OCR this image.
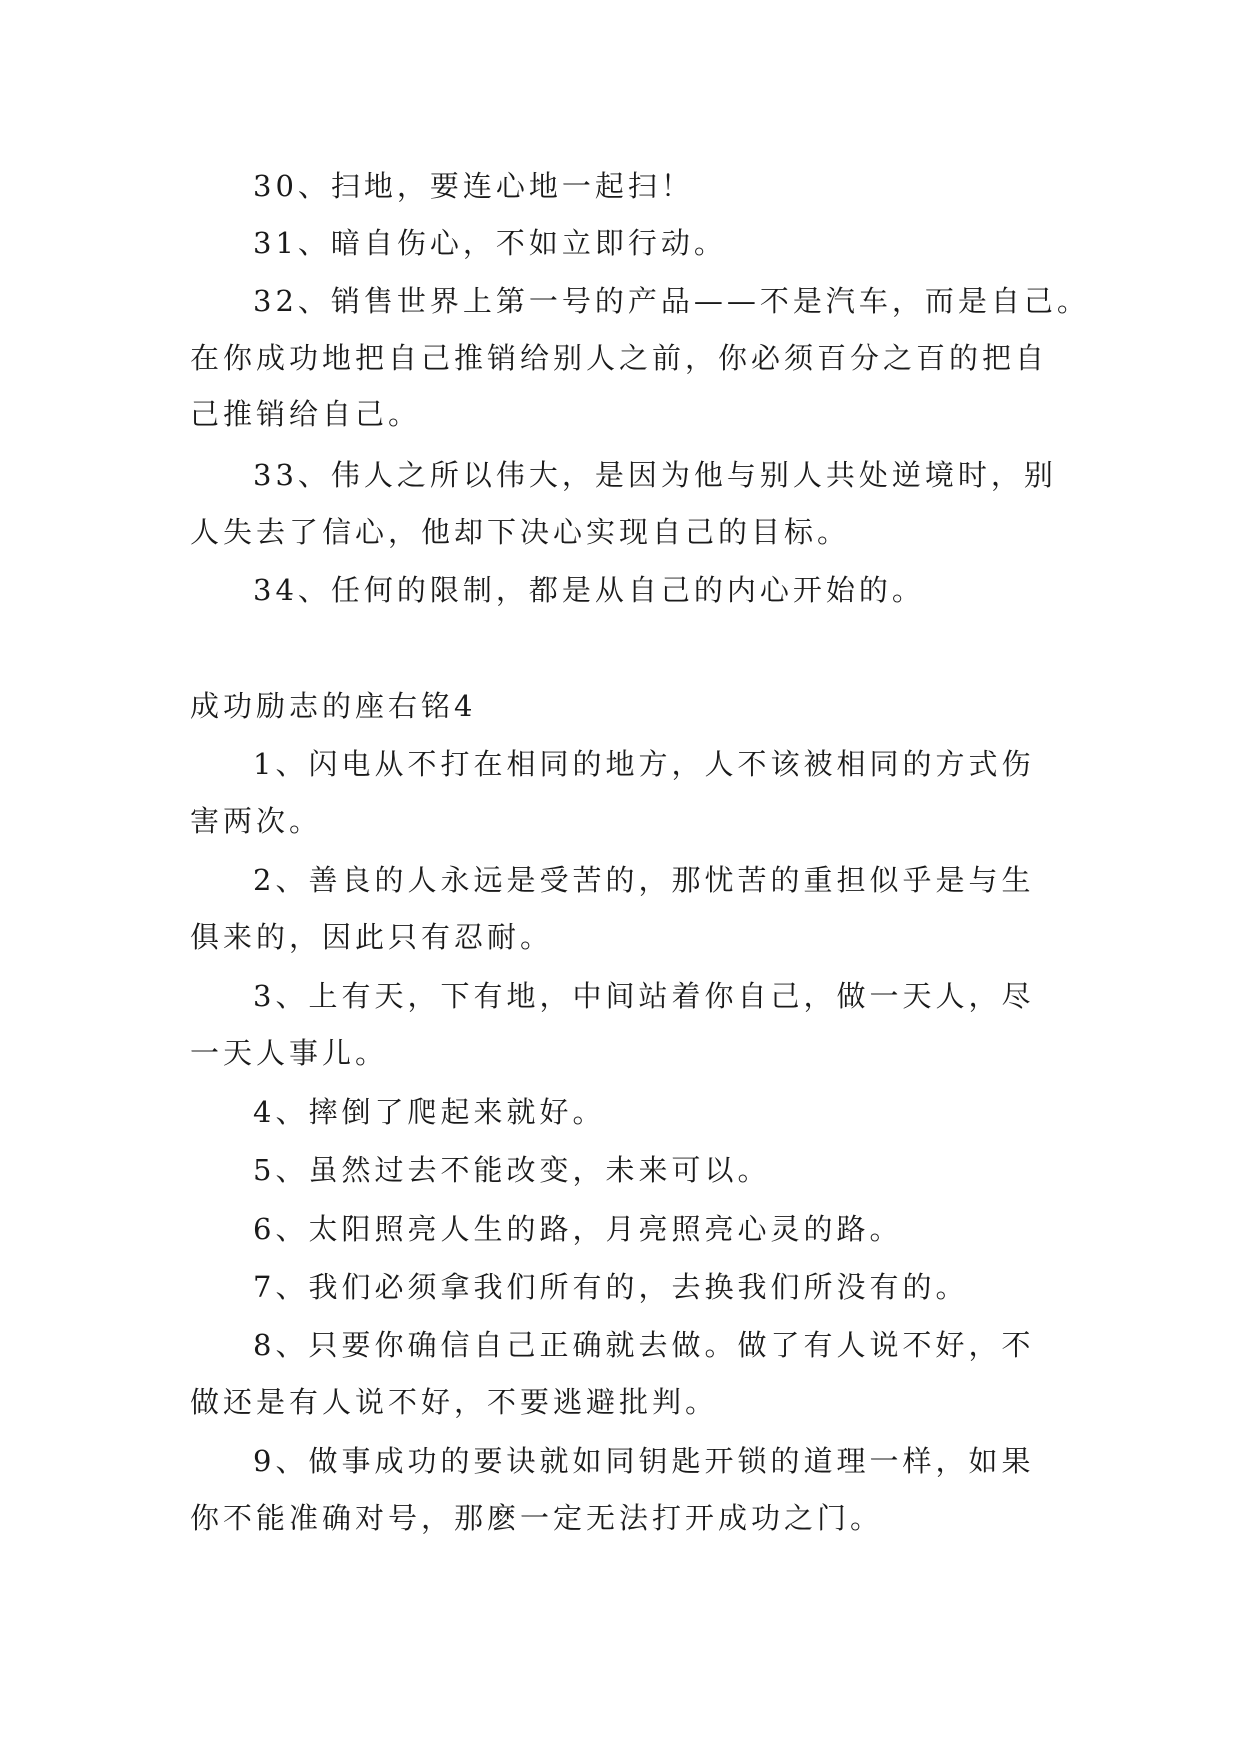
30、扫地，要连心地一起扫！

31、暗自伤心，不如立即行动。

32、销售世界上第一号的产品——不是汽车，而是自己。

在你成功地把自己推销给别人之前，你必须百分之百的把自

己推销给自己。

33、伟人之所以伟大，是因为他与别人共处逆境时，别

人失去了信心，他却下决心实现自己的目标。

34、任何的限制，都是从自己的内心开始的。

成功励志的座右铭4

1、闪电从不打在相同的地方，人不该被相同的方式伤

害两次。

2、善良的人永远是受苦的，那忧苦的重担似乎是与生

俱来的，因此只有忍耐。

3、上有天，下有地，中间站着你自己，做一天人，尽

一天人事儿。

4、摔倒了爬起来就好。

5、虽然过去不能改变，未来可以。

6、太阳照亮人生的路，月亮照亮心灵的路。

7、我们必须拿我们所有的，去换我们所没有的。

8、只要你确信自己正确就去做。做了有人说不好，不

做还是有人说不好，不要逃避批判。

9、做事成功的要诀就如同钥匙开锁的道理一样，如果

你不能准确对号，那麽一定无法打开成功之门。
